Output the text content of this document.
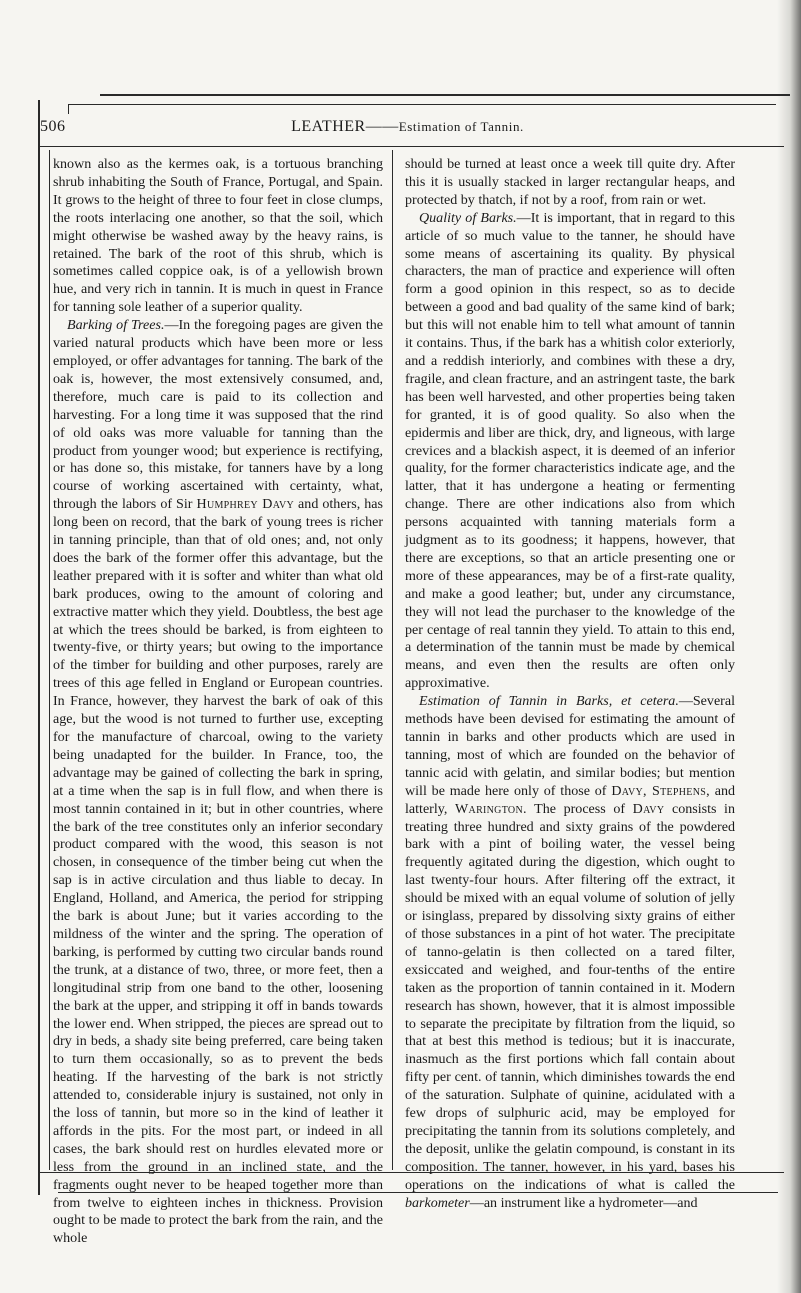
506	LEATHER——Estimation of Tannin.

known also as the kermes oak, is a tortuous branching shrub inhabiting the South of France, Portugal, and Spain. It grows to the height of three to four feet in close clumps, the roots interlacing one another, so that the soil, which might otherwise be washed away by the heavy rains, is retained. The bark of the root of this shrub, which is sometimes called coppice oak, is of a yellowish brown hue, and very rich in tannin. It is much in quest in France for tanning sole leather of a superior quality.

Barking of Trees.—In the foregoing pages are given the varied natural products which have been more or less employed, or offer advantages for tanning. The bark of the oak is, however, the most extensively consumed, and, therefore, much care is paid to its collection and harvesting. For a long time it was supposed that the rind of old oaks was more valuable for tanning than the product from younger wood; but experience is rectifying, or has done so, this mistake, for tanners have by a long course of working ascertained with certainty, what, through the labors of Sir Humphrey Davy and others, has long been on record, that the bark of young trees is richer in tanning principle, than that of old ones; and, not only does the bark of the former offer this advantage, but the leather prepared with it is softer and whiter than what old bark produces, owing to the amount of coloring and extractive matter which they yield. Doubtless, the best age at which the trees should be barked, is from eighteen to twenty-five, or thirty years; but owing to the importance of the timber for building and other purposes, rarely are trees of this age felled in England or European countries. In France, however, they harvest the bark of oak of this age, but the wood is not turned to further use, excepting for the manufacture of charcoal, owing to the variety being unadapted for the builder. In France, too, the advantage may be gained of collecting the bark in spring, at a time when the sap is in full flow, and when there is most tannin contained in it; but in other countries, where the bark of the tree constitutes only an inferior secondary product compared with the wood, this season is not chosen, in consequence of the timber being cut when the sap is in active circulation and thus liable to decay. In England, Holland, and America, the period for stripping the bark is about June; but it varies according to the mildness of the winter and the spring. The operation of barking, is performed by cutting two circular bands round the trunk, at a distance of two, three, or more feet, then a longitudinal strip from one band to the other, loosening the bark at the upper, and stripping it off in bands towards the lower end. When stripped, the pieces are spread out to dry in beds, a shady site being preferred, care being taken to turn them occasionally, so as to prevent the beds heating. If the harvesting of the bark is not strictly attended to, considerable injury is sustained, not only in the loss of tannin, but more so in the kind of leather it affords in the pits. For the most part, or indeed in all cases, the bark should rest on hurdles elevated more or less from the ground in an inclined state, and the fragments ought never to be heaped together more than from twelve to eighteen inches in thickness. Provision ought to be made to protect the bark from the rain, and the whole

should be turned at least once a week till quite dry. After this it is usually stacked in larger rectangular heaps, and protected by thatch, if not by a roof, from rain or wet.

Quality of Barks.—It is important, that in regard to this article of so much value to the tanner, he should have some means of ascertaining its quality. By physical characters, the man of practice and experience will often form a good opinion in this respect, so as to decide between a good and bad quality of the same kind of bark; but this will not enable him to tell what amount of tannin it contains. Thus, if the bark has a whitish color exteriorly, and a reddish interiorly, and combines with these a dry, fragile, and clean fracture, and an astringent taste, the bark has been well harvested, and other properties being taken for granted, it is of good quality. So also when the epidermis and liber are thick, dry, and ligneous, with large crevices and a blackish aspect, it is deemed of an inferior quality, for the former characteristics indicate age, and the latter, that it has undergone a heating or fermenting change. There are other indications also from which persons acquainted with tanning materials form a judgment as to its goodness; it happens, however, that there are exceptions, so that an article presenting one or more of these appearances, may be of a first-rate quality, and make a good leather; but, under any circumstance, they will not lead the purchaser to the knowledge of the per centage of real tannin they yield. To attain to this end, a determination of the tannin must be made by chemical means, and even then the results are often only approximative.

Estimation of Tannin in Barks, et cetera.—Several methods have been devised for estimating the amount of tannin in barks and other products which are used in tanning, most of which are founded on the behavior of tannic acid with gelatin, and similar bodies; but mention will be made here only of those of Davy, Stephens, and latterly, Warington. The process of Davy consists in treating three hundred and sixty grains of the powdered bark with a pint of boiling water, the vessel being frequently agitated during the digestion, which ought to last twenty-four hours. After filtering off the extract, it should be mixed with an equal volume of solution of jelly or isinglass, prepared by dissolving sixty grains of either of those substances in a pint of hot water. The precipitate of tanno-gelatin is then collected on a tared filter, exsiccated and weighed, and four-tenths of the entire taken as the proportion of tannin contained in it. Modern research has shown, however, that it is almost impossible to separate the precipitate by filtration from the liquid, so that at best this method is tedious; but it is inaccurate, inasmuch as the first portions which fall contain about fifty per cent. of tannin, which diminishes towards the end of the saturation. Sulphate of quinine, acidulated with a few drops of sulphuric acid, may be employed for precipitating the tannin from its solutions completely, and the deposit, unlike the gelatin compound, is constant in its composition. The tanner, however, in his yard, bases his operations on the indications of what is called the barkometer—an instrument like a hydrometer—and
